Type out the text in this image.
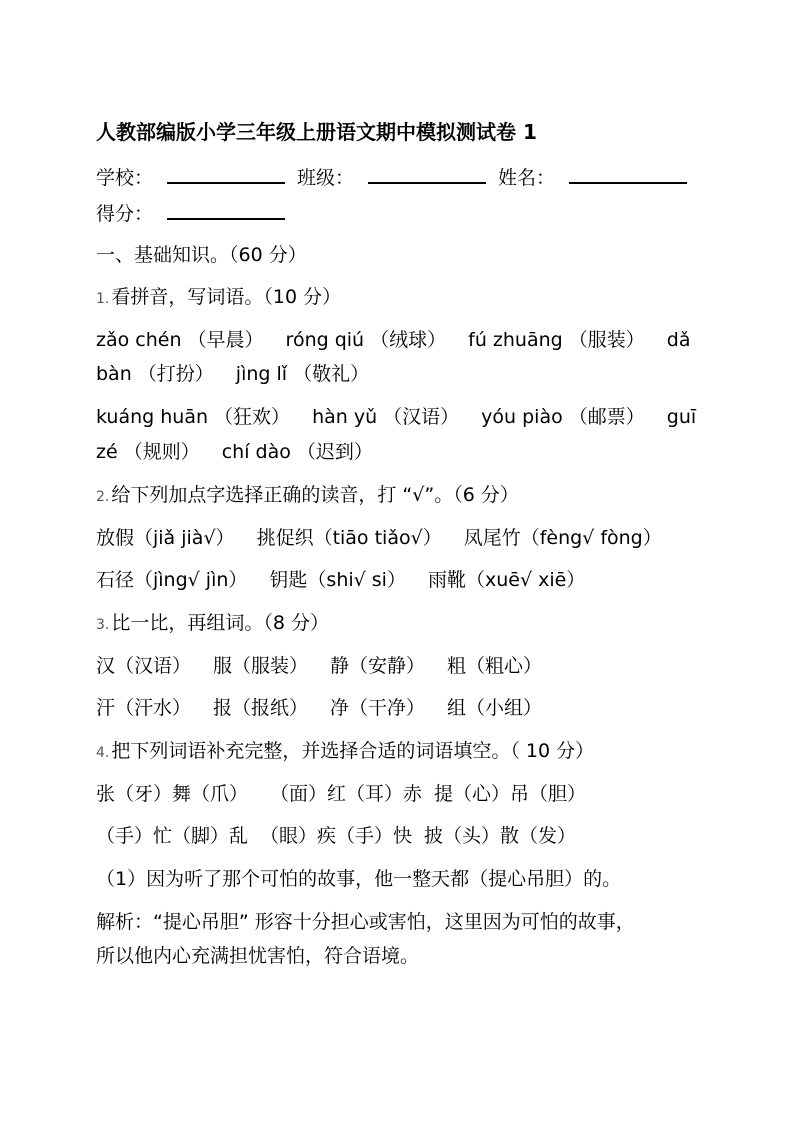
人教部编版小学三年级上册语文期中模拟测试卷 1
学校：	班级：	姓名：
得分：
一、基础知识。（60 分）
1. 看拼音，写词语。（10 分）
zǎo chén （早晨） róng qiú （绒球） fú zhuāng （服装） dǎ
bàn （打扮） jìng lǐ （敬礼）
kuáng huān （狂欢） hàn yǔ （汉语） yóu piào （邮票） guī
zé （规则） chí dào （迟到）
2. 给下列加点字选择正确的读音，打 “√”。（6 分）
放假（jiǎ jià√） 挑促织（tiāo tiǎo√） 凤尾竹（fèng√ fòng）
石径（jìng√ jìn） 钥匙（shi√ si） 雨靴（xuē√ xiē）
3. 比一比，再组词。（8 分）
汉（汉语） 服（服装） 静（安静） 粗（粗心）
汗（汗水） 报（报纸） 净（干净） 组（小组）
4. 把下列词语补充完整，并选择合适的词语填空。（ 10 分）
张（牙）舞（爪） （面）红（耳）赤 提（心）吊（胆）
（手）忙（脚）乱 （眼）疾（手）快 披（头）散（发）
（1）因为听了那个可怕的故事，他一整天都（提心吊胆）的。
解析：“提心吊胆” 形容十分担心或害怕，这里因为可怕的故事，
所以他内心充满担忧害怕，符合语境。
